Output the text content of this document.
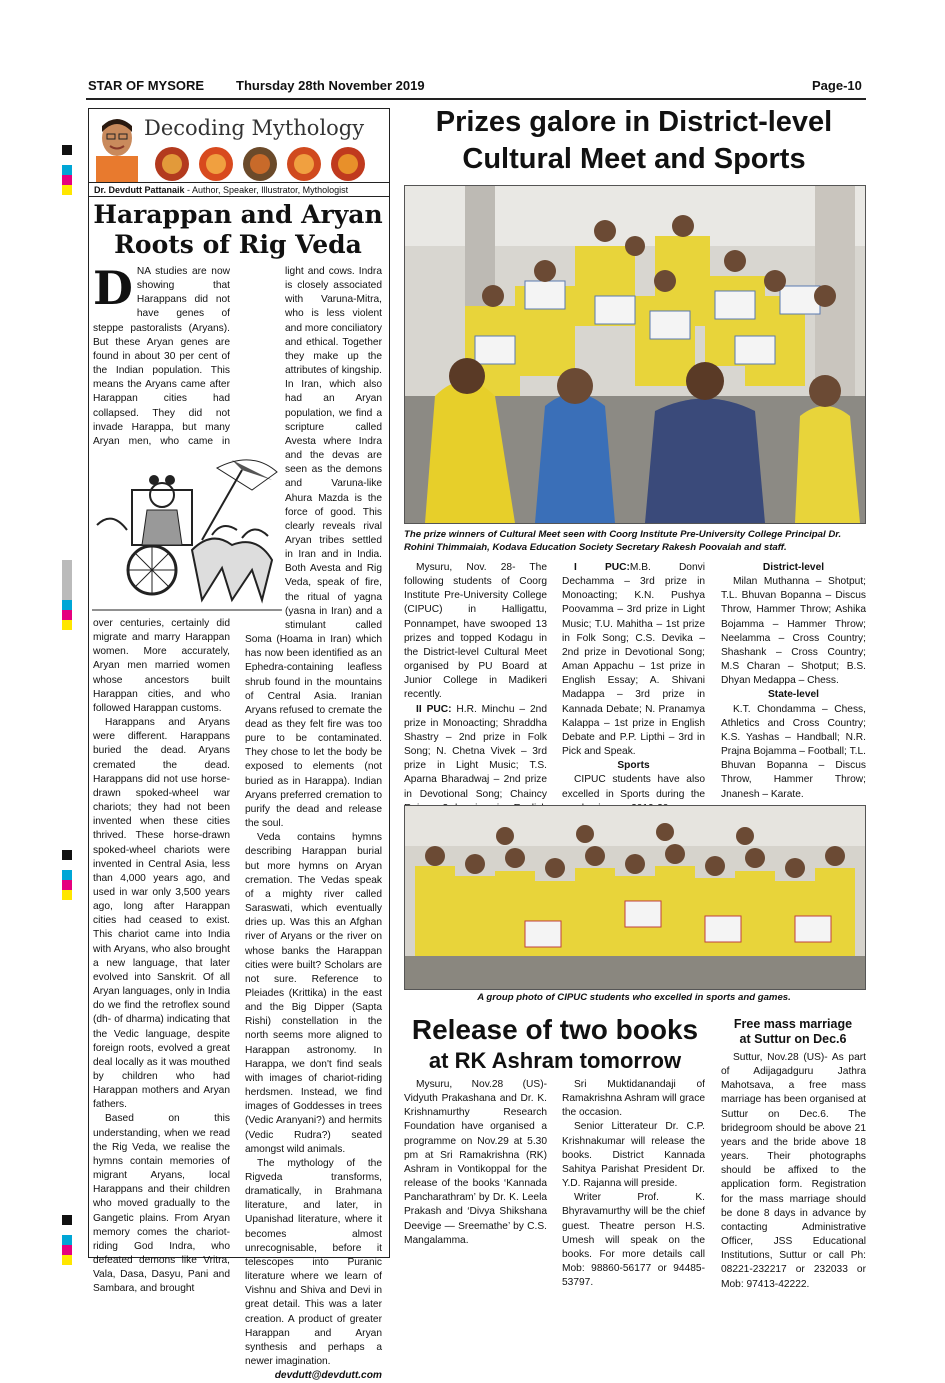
STAR OF MYSORE Thursday 28th November 2019	Page-10
Decoding Mythology
Dr. Devdutt Pattanaik - Author, Speaker, Illustrator, Mythologist
Harappan and Aryan Roots of Rig Veda

DNA studies are now showing that Harappans did not have genes of steppe pastoralists (Aryans). But these Aryan genes are found in about 30 per cent of the Indian population. This means the Aryans came after Harappan cities had collapsed. They did not invade Harappa, but many Aryan men, who came in

over centuries, certainly did migrate and marry Harappan women. More accurately, Aryan men married women whose ancestors built Harappan cities, and who followed Harappan customs.

Harappans and Aryans were different. Harappans buried the dead. Aryans cremated the dead. Harappans did not use horse-drawn spoked-wheel war chariots; they had not been invented when these cities thrived. These horse-drawn spoked-wheel chariots were invented in Central Asia, less than 4,000 years ago, and used in war only 3,500 years ago, long after Harappan cities had ceased to exist. This chariot came into India with Aryans, who also brought a new language, that later evolved into Sanskrit. Of all Aryan languages, only in India do we find the retroflex sound (dh- of dharma) indicating that the Vedic language, despite foreign roots, evolved a great deal locally as it was mouthed by children who had Harappan mothers and Aryan fathers.

Based on this understanding, when we read the Rig Veda, we realise the hymns contain memories of migrant Aryans, local Harappans and their children who moved gradually to the Gangetic plains. From Aryan memory comes the chariot-riding God Indra, who defeated demons like Vritra, Vala, Dasa, Dasyu, Pani and Sambara, and brought

light and cows. Indra is closely associated with Varuna-Mitra, who is less violent and more conciliatory and ethical. Together they make up the attributes of kingship. In Iran, which also had an Aryan population, we find a scripture called Avesta where Indra and the devas are seen as the demons and Varuna-like Ahura Mazda is the force of good. This clearly reveals rival Aryan tribes settled in Iran and in India. Both Avesta and Rig Veda, speak of fire, the ritual of yagna (yasna in Iran) and a stimulant called Soma (Hoama in Iran) which has now been identified as an Ephedra-containing leafless shrub found in the mountains of Central Asia. Iranian Aryans refused to cremate the dead as they felt fire was too pure to be contaminated. They chose to let the body be exposed to elements (not buried as in Harappa). Indian Aryans preferred cremation to purify the dead and release the soul.

Veda contains hymns describing Harappan burial but more hymns on Aryan cremation. The Vedas speak of a mighty river called Saraswati, which eventually dries up. Was this an Afghan river of Aryans or the river on whose banks the Harappan cities were built? Scholars are not sure. Reference to Pleiades (Krittika) in the east and the Big Dipper (Sapta Rishi) constellation in the north seems more aligned to Harappan astronomy. In Harappa, we don't find seals with images of chariot-riding herdsmen. Instead, we find images of Goddesses in trees (Vedic Aranyani?) and hermits (Vedic Rudra?) seated amongst wild animals.

The mythology of the Rigveda transforms, dramatically, in Brahmana literature, and later, in Upanishad literature, where it becomes almost unrecognisable, before it telescopes into Puranic literature where we learn of Vishnu and Shiva and Devi in great detail. This was a later creation. A product of greater Harappan and Aryan synthesis and perhaps a newer imagination.

devdutt@devdutt.com

Prizes galore in District-level
Cultural Meet and Sports
The prize winners of Cultural Meet seen with Coorg Institute Pre-University College Principal Dr. Rohini Thimmaiah, Kodava Education Society Secretary Rakesh Poovaiah and staff.

Mysuru, Nov. 28- The following students of Coorg Institute Pre-University College (CIPUC) in Halligattu, Ponnampet, have swooped 13 prizes and topped Kodagu in the District-level Cultural Meet organised by PU Board at Junior College in Madikeri recently.

II PUC: H.R. Minchu – 2nd prize in Monoacting; Shraddha Shastry – 2nd prize in Folk Song; N. Chetna Vivek – 3rd prize in Light Music; T.S. Aparna Bharadwaj – 2nd prize in Devotional Song; Chaincy

I PUC:M.B. Donvi Dechamma – 3rd prize in Monoacting; K.N. Pushya Poovamma – 3rd prize in Light Music; T.U. Mahitha – 1st prize in Folk Song; C.S. Devika – 2nd prize in Devotional Song; Aman Appachu – 1st prize in English Essay; A. Shivani Madappa – 3rd prize in Kannada Debate; N. Pranamya Kalappa – 1st prize in English Debate and P.P. Lipthi – 3rd in Pick and Speak.

Sports

CIPUC students have also excelled in Sports during the

District-level

Milan Muthanna – Shotput; T.L. Bhuvan Bopanna – Discus Throw, Hammer Throw; Ashika Bojamma – Hammer Throw; Neelamma – Cross Country; Shashank – Cross Country; M.S Charan – Shotput; B.S. Dhyan Medappa – Chess.

State-level

K.T. Chondamma – Chess, Athletics and Cross Country; K.S. Yashas – Handball; N.R. Prajna Bojamma – Football; T.L. Bhuvan Bopanna – Discus Throw, Hammer Throw; Jnanesh – Karate.

A group photo of CIPUC students who excelled in sports and games.
Release of two books
at RK Ashram tomorrow

Mysuru, Nov.28 (US)- Vidyuth Prakashana and Dr. K. Krishnamurthy Research Foundation have organised a programme on Nov.29 at 5.30 pm at Sri Ramakrishna (RK) Ashram in Vontikoppal for the release of the books ‘Kannada Pancharathram’ by Dr. K. Leela Prakash and ‘Divya Shikshana Deevige — Sreemathe’ by C.S. Mangalamma.

Sri Muktidanandaji of Ramakrishna Ashram will grace the occasion.

Senior Litterateur Dr. C.P. Krishnakumar will release the books. District Kannada Sahitya Parishat President Dr. Y.D. Rajanna will preside.

Writer Prof. K. Bhyravamurthy will be the chief guest. Theatre person H.S. Umesh will speak on the books. For more details call Mob: 98860-56177 or 94485-53797.

Free mass marriage
at Suttur on Dec.6

Suttur, Nov.28 (US)- As part of Adijagadguru Jathra Mahotsava, a free mass marriage has been organised at Suttur on Dec.6. The bridegroom should be above 21 years and the bride above 18 years. Their photographs should be affixed to the application form. Registration for the mass marriage should be done 8 days in advance by contacting Administrative Officer, JSS Educational Institutions, Suttur or call Ph: 08221-232217 or 232033 or Mob: 97413-42222.
